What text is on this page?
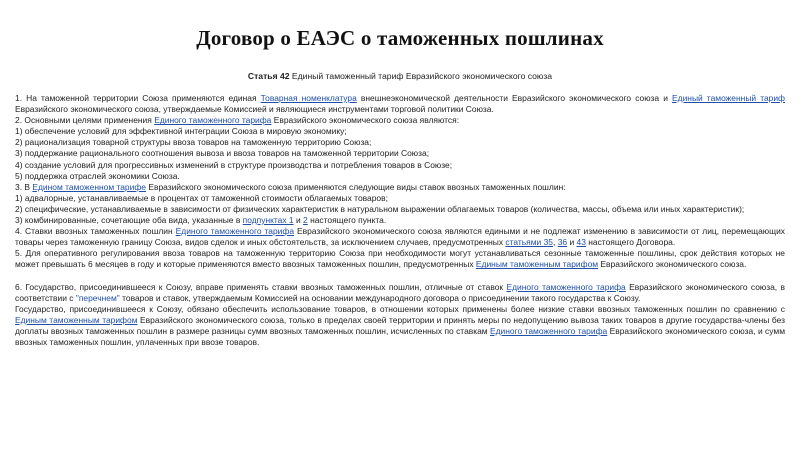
Договор о ЕАЭС о таможенных пошлинах
Статья 42 Единый таможенный тариф Евразийского экономического союза

1. На таможенной территории Союза применяются единая Товарная номенклатура внешнеэкономической деятельности Евразийского экономического союза и Единый таможенный тариф Евразийского экономического союза, утверждаемые Комиссией и являющиеся инструментами торговой политики Союза.

2. Основными целями применения Единого таможенного тарифа Евразийского экономического союза являются:

1) обеспечение условий для эффективной интеграции Союза в мировую экономику;

2) рационализация товарной структуры ввоза товаров на таможенную территорию Союза;

3) поддержание рационального соотношения вывоза и ввоза товаров на таможенной территории Союза;

4) создание условий для прогрессивных изменений в структуре производства и потребления товаров в Союзе;

5) поддержка отраслей экономики Союза.

3. В Едином таможенном тарифе Евразийского экономического союза применяются следующие виды ставок ввозных таможенных пошлин:

1) адвалорные, устанавливаемые в процентах от таможенной стоимости облагаемых товаров;

2) специфические, устанавливаемые в зависимости от физических характеристик в натуральном выражении облагаемых товаров (количества, массы, объема или иных характеристик);

3) комбинированные, сочетающие оба вида, указанные в подпунктах 1 и 2 настоящего пункта.

4. Ставки ввозных таможенных пошлин Единого таможенного тарифа Евразийского экономического союза являются едиными и не подлежат изменению в зависимости от лиц, перемещающих товары через таможенную границу Союза, видов сделок и иных обстоятельств, за исключением случаев, предусмотренных статьями 35, 36 и 43 настоящего Договора.

5. Для оперативного регулирования ввоза товаров на таможенную территорию Союза при необходимости могут устанавливаться сезонные таможенные пошлины, срок действия которых не может превышать 6 месяцев в году и которые применяются вместо ввозных таможенных пошлин, предусмотренных Единым таможенным тарифом Евразийского экономического союза.

6. Государство, присоединившееся к Союзу, вправе применять ставки ввозных таможенных пошлин, отличные от ставок Единого таможенного тарифа Евразийского экономического союза, в соответствии с "перечнем" товаров и ставок, утверждаемым Комиссией на основании международного договора о присоединении такого государства к Союзу.

Государство, присоединившееся к Союзу, обязано обеспечить использование товаров, в отношении которых применены более низкие ставки ввозных таможенных пошлин по сравнению с Единым таможенным тарифом Евразийского экономического союза, только в пределах своей территории и принять меры по недопущению вывоза таких товаров в другие государства-члены без доплаты ввозных таможенных пошлин в размере разницы сумм ввозных таможенных пошлин, исчисленных по ставкам Единого таможенного тарифа Евразийского экономического союза, и сумм ввозных таможенных пошлин, уплаченных при ввозе товаров.
